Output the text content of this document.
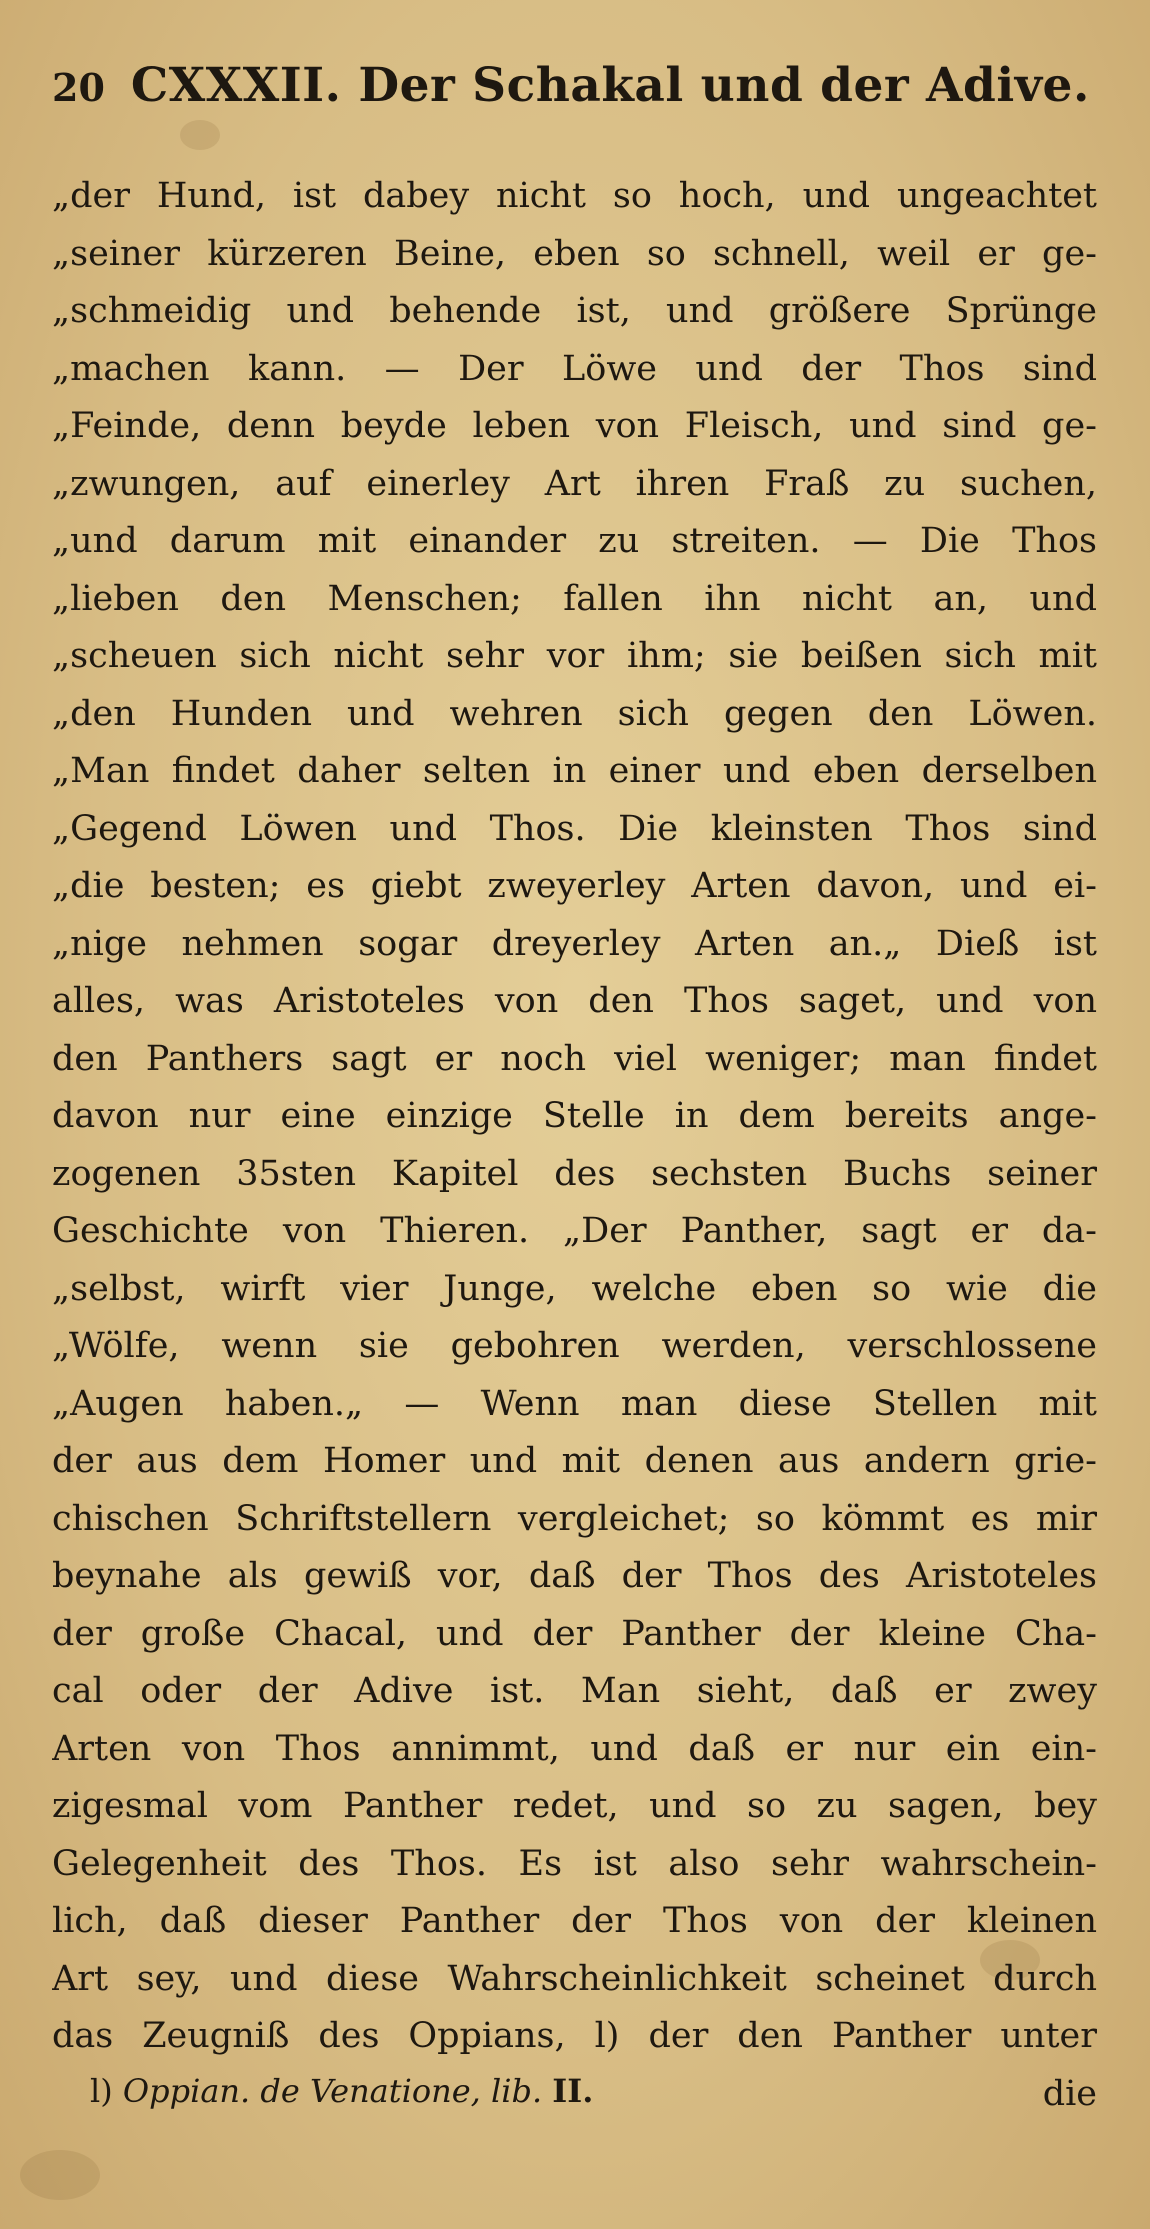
20 CXXXII. Der Schakal und der Adive.
„der Hund, ist dabey nicht so hoch, und ungeachtet
„seiner kürzeren Beine, eben so schnell, weil er ge-
„schmeidig und behende ist, und größere Sprünge
„machen kann. — Der Löwe und der Thos sind
„Feinde, denn beyde leben von Fleisch, und sind ge-
„zwungen, auf einerley Art ihren Fraß zu suchen,
„und darum mit einander zu streiten. — Die Thos
„lieben den Menschen; fallen ihn nicht an, und
„scheuen sich nicht sehr vor ihm; sie beißen sich mit
„den Hunden und wehren sich gegen den Löwen.
„Man findet daher selten in einer und eben derselben
„Gegend Löwen und Thos. Die kleinsten Thos sind
„die besten; es giebt zweyerley Arten davon, und ei-
„nige nehmen sogar dreyerley Arten an.„ Dieß ist
alles, was Aristoteles von den Thos saget, und von
den Panthers sagt er noch viel weniger; man findet
davon nur eine einzige Stelle in dem bereits ange-
zogenen 35sten Kapitel des sechsten Buchs seiner
Geschichte von Thieren. „Der Panther, sagt er da-
„selbst, wirft vier Junge, welche eben so wie die
„Wölfe, wenn sie gebohren werden, verschlossene
„Augen haben.„ — Wenn man diese Stellen mit
der aus dem Homer und mit denen aus andern grie-
chischen Schriftstellern vergleichet; so kömmt es mir
beynahe als gewiß vor, daß der Thos des Aristoteles
der große Chacal, und der Panther der kleine Cha-
cal oder der Adive ist. Man sieht, daß er zwey
Arten von Thos annimmt, und daß er nur ein ein-
zigesmal vom Panther redet, und so zu sagen, bey
Gelegenheit des Thos. Es ist also sehr wahrschein-
lich, daß dieser Panther der Thos von der kleinen
Art sey, und diese Wahrscheinlichkeit scheinet durch
das Zeugniß des Oppians, l) der den Panther unter
die
l) Oppian. de Venatione, lib. II.
